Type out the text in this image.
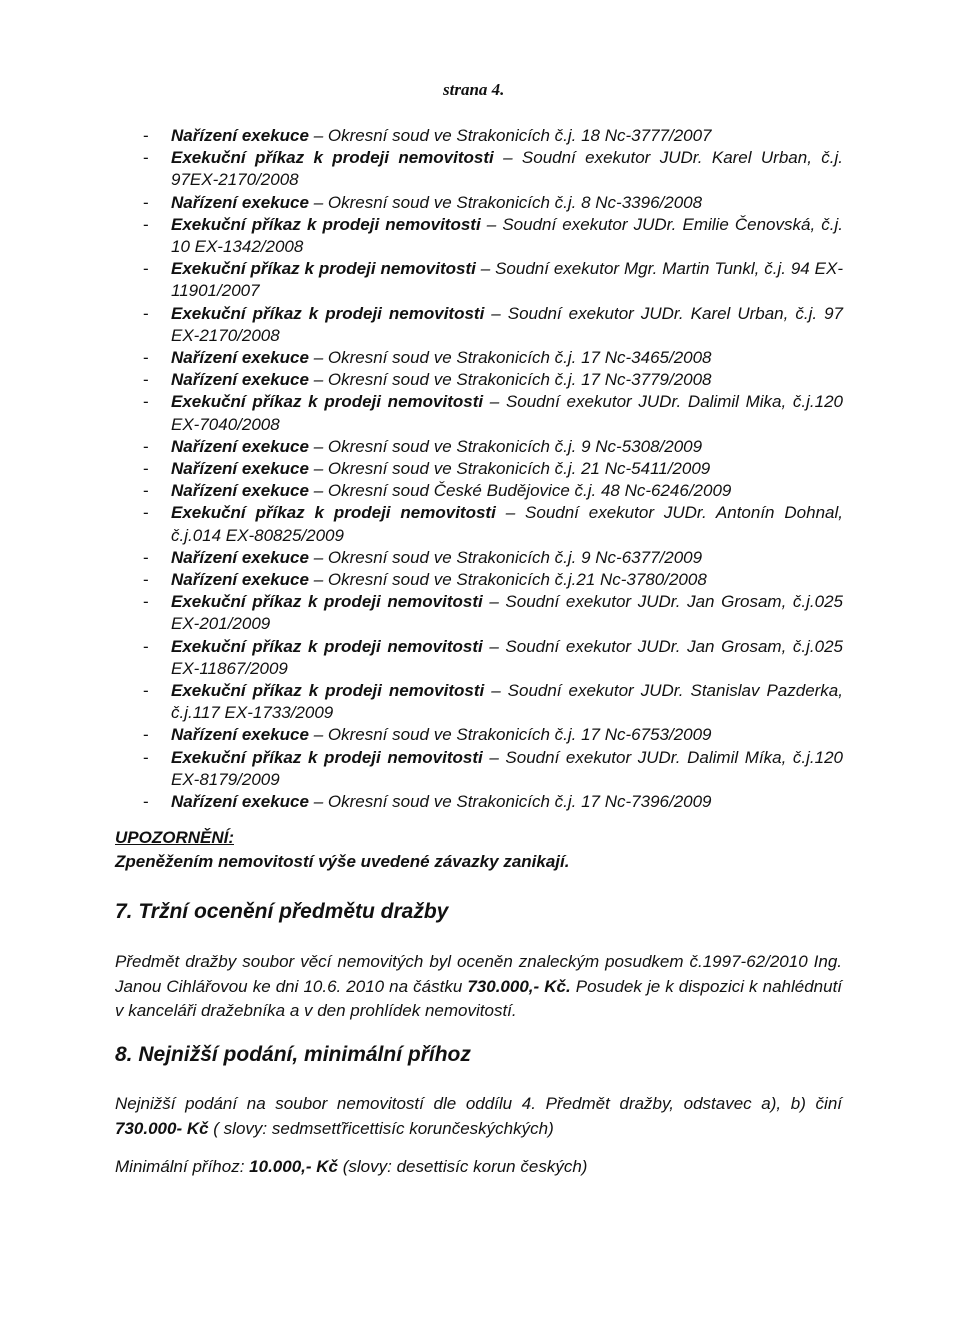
strana 4.
- Nařízení exekuce – Okresní soud ve Strakonicích č.j. 18 Nc-3777/2007
- Exekuční příkaz k prodeji nemovitosti – Soudní exekutor JUDr. Karel Urban, č.j. 97EX-2170/2008
- Nařízení exekuce – Okresní soud ve Strakonicích č.j. 8 Nc-3396/2008
- Exekuční příkaz k prodeji nemovitosti – Soudní exekutor JUDr. Emilie Čenovská, č.j. 10 EX-1342/2008
- Exekuční příkaz k prodeji nemovitosti – Soudní exekutor Mgr. Martin Tunkl, č.j. 94 EX-11901/2007
- Exekuční příkaz k prodeji nemovitosti – Soudní exekutor JUDr. Karel Urban, č.j. 97 EX-2170/2008
- Nařízení exekuce – Okresní soud ve Strakonicích č.j. 17 Nc-3465/2008
- Nařízení exekuce – Okresní soud ve Strakonicích č.j. 17 Nc-3779/2008
- Exekuční příkaz k prodeji nemovitosti – Soudní exekutor JUDr. Dalimil Mika, č.j.120 EX-7040/2008
- Nařízení exekuce – Okresní soud ve Strakonicích č.j. 9 Nc-5308/2009
- Nařízení exekuce – Okresní soud ve Strakonicích č.j. 21 Nc-5411/2009
- Nařízení exekuce – Okresní soud České Budějovice č.j. 48 Nc-6246/2009
- Exekuční příkaz k prodeji nemovitosti – Soudní exekutor JUDr. Antonín Dohnal, č.j.014 EX-80825/2009
- Nařízení exekuce – Okresní soud ve Strakonicích č.j. 9 Nc-6377/2009
- Nařízení exekuce – Okresní soud ve Strakonicích č.j.21 Nc-3780/2008
- Exekuční příkaz k prodeji nemovitosti – Soudní exekutor JUDr. Jan Grosam, č.j.025 EX-201/2009
- Exekuční příkaz k prodeji nemovitosti – Soudní exekutor JUDr. Jan Grosam, č.j.025 EX-11867/2009
- Exekuční příkaz k prodeji nemovitosti – Soudní exekutor JUDr. Stanislav Pazderka, č.j.117 EX-1733/2009
- Nařízení exekuce – Okresní soud ve Strakonicích č.j. 17 Nc-6753/2009
- Exekuční příkaz k prodeji nemovitosti – Soudní exekutor JUDr. Dalimil Míka, č.j.120 EX-8179/2009
- Nařízení exekuce – Okresní soud ve Strakonicích č.j. 17 Nc-7396/2009
UPOZORNĚNÍ:
Zpeněžením nemovitostí výše uvedené závazky zanikají.
7. Tržní ocenění předmětu dražby
Předmět dražby soubor věcí nemovitých byl oceněn znaleckým posudkem č.1997-62/2010 Ing. Janou Cihlářovou ke dni 10.6. 2010 na částku 730.000,- Kč. Posudek je k dispozici k nahlédnutí v kanceláři dražebníka a v den prohlídek nemovitostí.
8. Nejnižší podání, minimální příhoz
Nejnižší podání na soubor nemovitostí dle oddílu 4. Předmět dražby, odstavec a), b) činí 730.000- Kč ( slovy: sedmsetťřicettisíc korunčeskýchkých)
Minimální příhoz: 10.000,- Kč (slovy: desettisíc korun českých)
